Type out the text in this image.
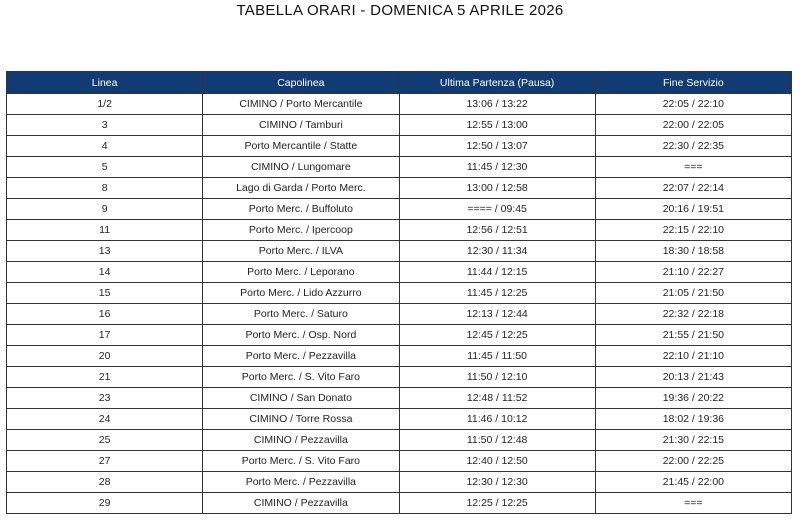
TABELLA ORARI - DOMENICA 5 APRILE 2026
Linea	Capolinea	Ultima Partenza (Pausa)	Fine Servizio
1/2	CIMINO / Porto Mercantile	13:06 / 13:22	22:05 / 22:10
3	CIMINO / Tamburi	12:55 / 13:00	22:00 / 22:05
4	Porto Mercantile / Statte	12:50 / 13:07	22:30 / 22:35
5	CIMINO / Lungomare	11:45 / 12:30	===
8	Lago di Garda / Porto Merc.	13:00 / 12:58	22:07 / 22:14
9	Porto Merc. / Buffoluto	==== / 09:45	20:16 / 19:51
11	Porto Merc. / Ipercoop	12:56 / 12:51	22:15 / 22:10
13	Porto Merc. / ILVA	12:30 / 11:34	18:30 / 18:58
14	Porto Merc. / Leporano	11:44 / 12:15	21:10 / 22:27
15	Porto Merc. / Lido Azzurro	11:45 / 12:25	21:05 / 21:50
16	Porto Merc. / Saturo	12:13 / 12:44	22:32 / 22:18
17	Porto Merc. / Osp. Nord	12:45 / 12:25	21:55 / 21:50
20	Porto Merc. / Pezzavilla	11:45 / 11:50	22:10 / 21:10
21	Porto Merc. / S. Vito Faro	11:50 / 12:10	20:13 / 21:43
23	CIMINO / San Donato	12:48 / 11:52	19:36 / 20:22
24	CIMINO / Torre Rossa	11:46 / 10:12	18:02 / 19:36
25	CIMINO / Pezzavilla	11:50 / 12:48	21:30 / 22:15
27	Porto Merc. / S. Vito Faro	12:40 / 12:50	22:00 / 22:25
28	Porto Merc. / Pezzavilla	12:30 / 12:30	21:45 / 22:00
29	CIMINO / Pezzavilla	12:25 / 12:25	===
